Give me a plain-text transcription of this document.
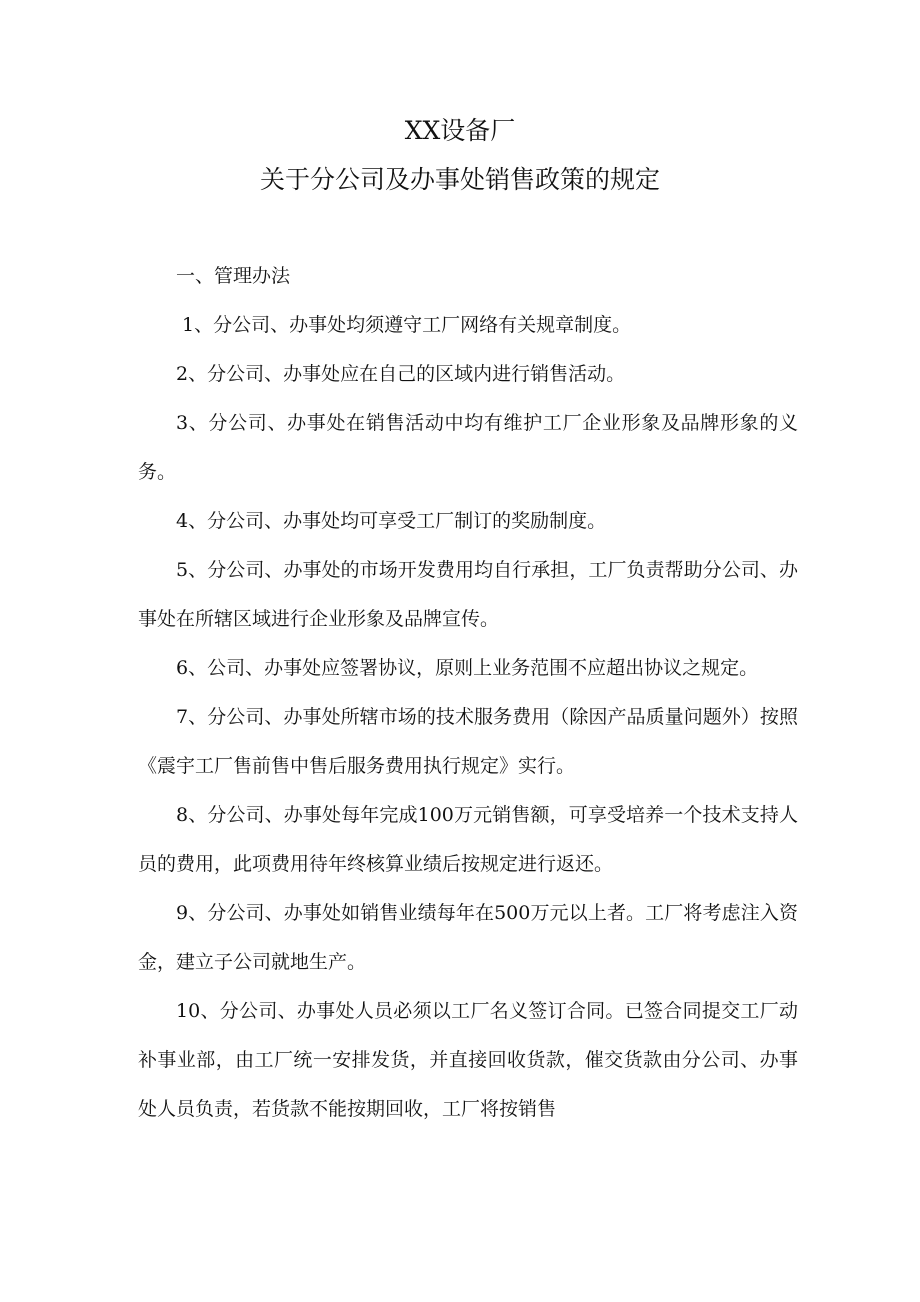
XX设备厂
关于分公司及办事处销售政策的规定

一、管理办法

1、分公司、办事处均须遵守工厂网络有关规章制度。

2、分公司、办事处应在自己的区域内进行销售活动。

3、分公司、办事处在销售活动中均有维护工厂企业形象及品牌形象的义务。

4、分公司、办事处均可享受工厂制订的奖励制度。

5、分公司、办事处的市场开发费用均自行承担，工厂负责帮助分公司、办事处在所辖区域进行企业形象及品牌宣传。

6、公司、办事处应签署协议，原则上业务范围不应超出协议之规定。

7、分公司、办事处所辖市场的技术服务费用（除因产品质量问题外）按照《震宇工厂售前售中售后服务费用执行规定》实行。

8、分公司、办事处每年完成100万元销售额，可享受培养一个技术支持人员的费用，此项费用待年终核算业绩后按规定进行返还。

9、分公司、办事处如销售业绩每年在500万元以上者。工厂将考虑注入资金，建立子公司就地生产。

10、分公司、办事处人员必须以工厂名义签订合同。已签合同提交工厂动补事业部，由工厂统一安排发货，并直接回收货款，催交货款由分公司、办事处人员负责，若货款不能按期回收，工厂将按销售
